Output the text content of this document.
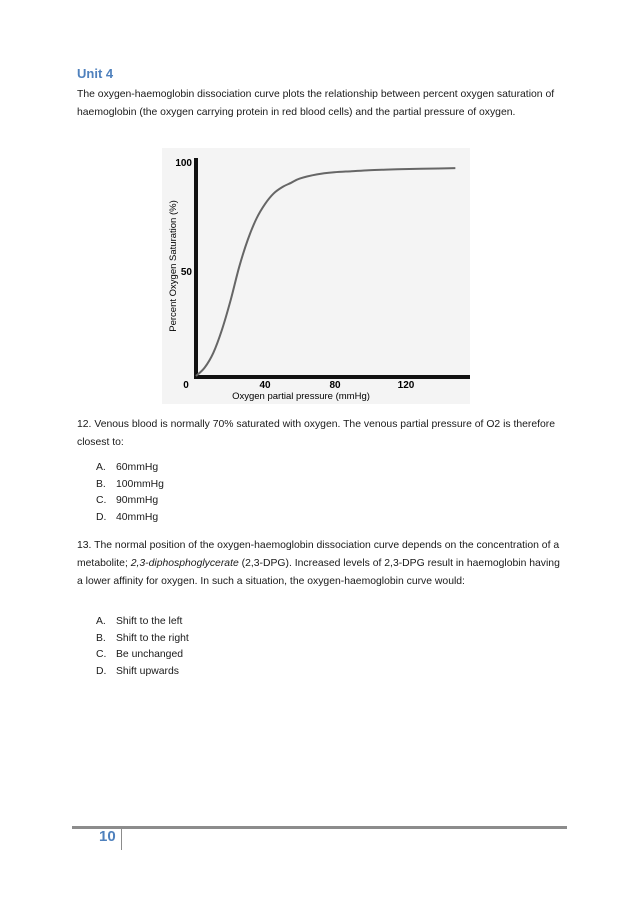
Unit 4
The oxygen-haemoglobin dissociation curve plots the relationship between percent oxygen saturation of haemoglobin (the oxygen carrying protein in red blood cells) and the partial pressure of oxygen.
100
50
0	40	80	120
Oxygen partial pressure (mmHg)
Percent Oxygen Saturation (%)
12. Venous blood is normally 70% saturated with oxygen. The venous partial pressure of O2 is therefore closest to:
A. 60mmHg
B. 100mmHg
C. 90mmHg
D. 40mmHg
13. The normal position of the oxygen-haemoglobin dissociation curve depends on the concentration of a metabolite; 2,3-diphosphoglycerate (2,3-DPG). Increased levels of 2,3-DPG result in haemoglobin having a lower affinity for oxygen. In such a situation, the oxygen-haemoglobin curve would:
A. Shift to the left
B. Shift to the right
C. Be unchanged
D. Shift upwards
10
